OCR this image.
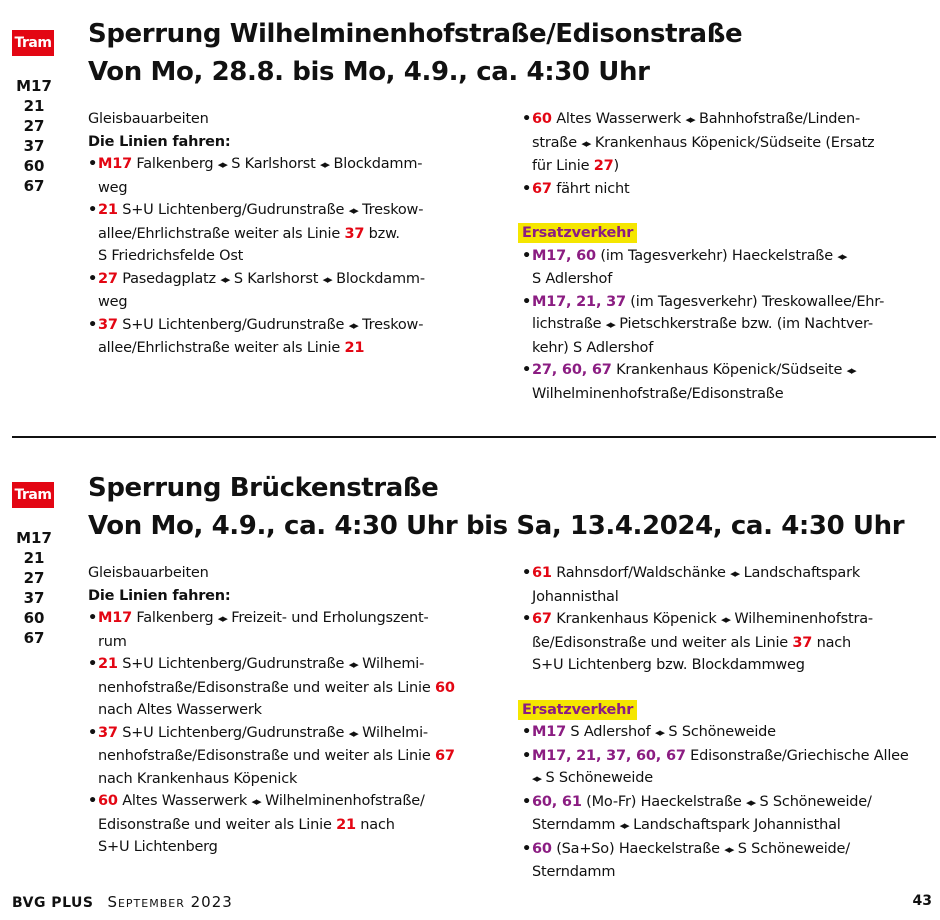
Tram
M17
21
27
37
60
67
Sperrung Wilhelminenhofstraße/Edisonstraße
Von Mo, 28.8. bis Mo, 4.9., ca. 4:30 Uhr

Gleisbauarbeiten

Die Linien fahren:

• M17 Falkenberg ◂▸ S Karlshorst ◂▸ Blockdamm-
weg

• 21 S+U Lichtenberg/Gudrunstraße ◂▸ Treskow-
allee/Ehrlichstraße weiter als Linie 37 bzw.
S Friedrichsfelde Ost

• 27 Pasedagplatz ◂▸ S Karlshorst ◂▸ Blockdamm-
weg

• 37 S+U Lichtenberg/Gudrunstraße ◂▸ Treskow-
allee/Ehrlichstraße weiter als Linie 21

• 60 Altes Wasserwerk ◂▸ Bahnhofstraße/Linden-
straße ◂▸ Krankenhaus Köpenick/Südseite (Ersatz
für Linie 27)

• 67 fährt nicht

Ersatzverkehr

• M17, 60 (im Tagesverkehr) Haeckelstraße ◂▸
S Adlershof

• M17, 21, 37 (im Tagesverkehr) Treskowallee/Ehr-
lichstraße ◂▸ Pietschkerstraße bzw. (im Nachtver-
kehr) S Adlershof

• 27, 60, 67 Krankenhaus Köpenick/Südseite ◂▸
Wilhelminenhofstraße/Edisonstraße

Tram
M17
21
27
37
60
67
Sperrung Brückenstraße
Von Mo, 4.9., ca. 4:30 Uhr bis Sa, 13.4.2024, ca. 4:30 Uhr

Gleisbauarbeiten

Die Linien fahren:

• M17 Falkenberg ◂▸ Freizeit- und Erholungszent-
rum

• 21 S+U Lichtenberg/Gudrunstraße ◂▸ Wilhemi-
nenhofstraße/Edisonstraße und weiter als Linie 60
nach Altes Wasserwerk

• 37 S+U Lichtenberg/Gudrunstraße ◂▸ Wilhelmi-
nenhofstraße/Edisonstraße und weiter als Linie 67
nach Krankenhaus Köpenick

• 60 Altes Wasserwerk ◂▸ Wilhelminenhofstraße/
Edisonstraße und weiter als Linie 21 nach
S+U Lichtenberg

• 61 Rahnsdorf/Waldschänke ◂▸ Landschaftspark
Johannisthal

• 67 Krankenhaus Köpenick ◂▸ Wilheminenhofstra-
ße/Edisonstraße und weiter als Linie 37 nach
S+U Lichtenberg bzw. Blockdammweg

Ersatzverkehr

• M17 S Adlershof ◂▸ S Schöneweide

• M17, 21, 37, 60, 67 Edisonstraße/Griechische Allee
◂▸ S Schöneweide

• 60, 61 (Mo-Fr) Haeckelstraße ◂▸ S Schöneweide/
Sterndamm ◂▸ Landschaftspark Johannisthal

• 60 (Sa+So) Haeckelstraße ◂▸ S Schöneweide/
Sterndamm

BVG PLUS September 2023	43
